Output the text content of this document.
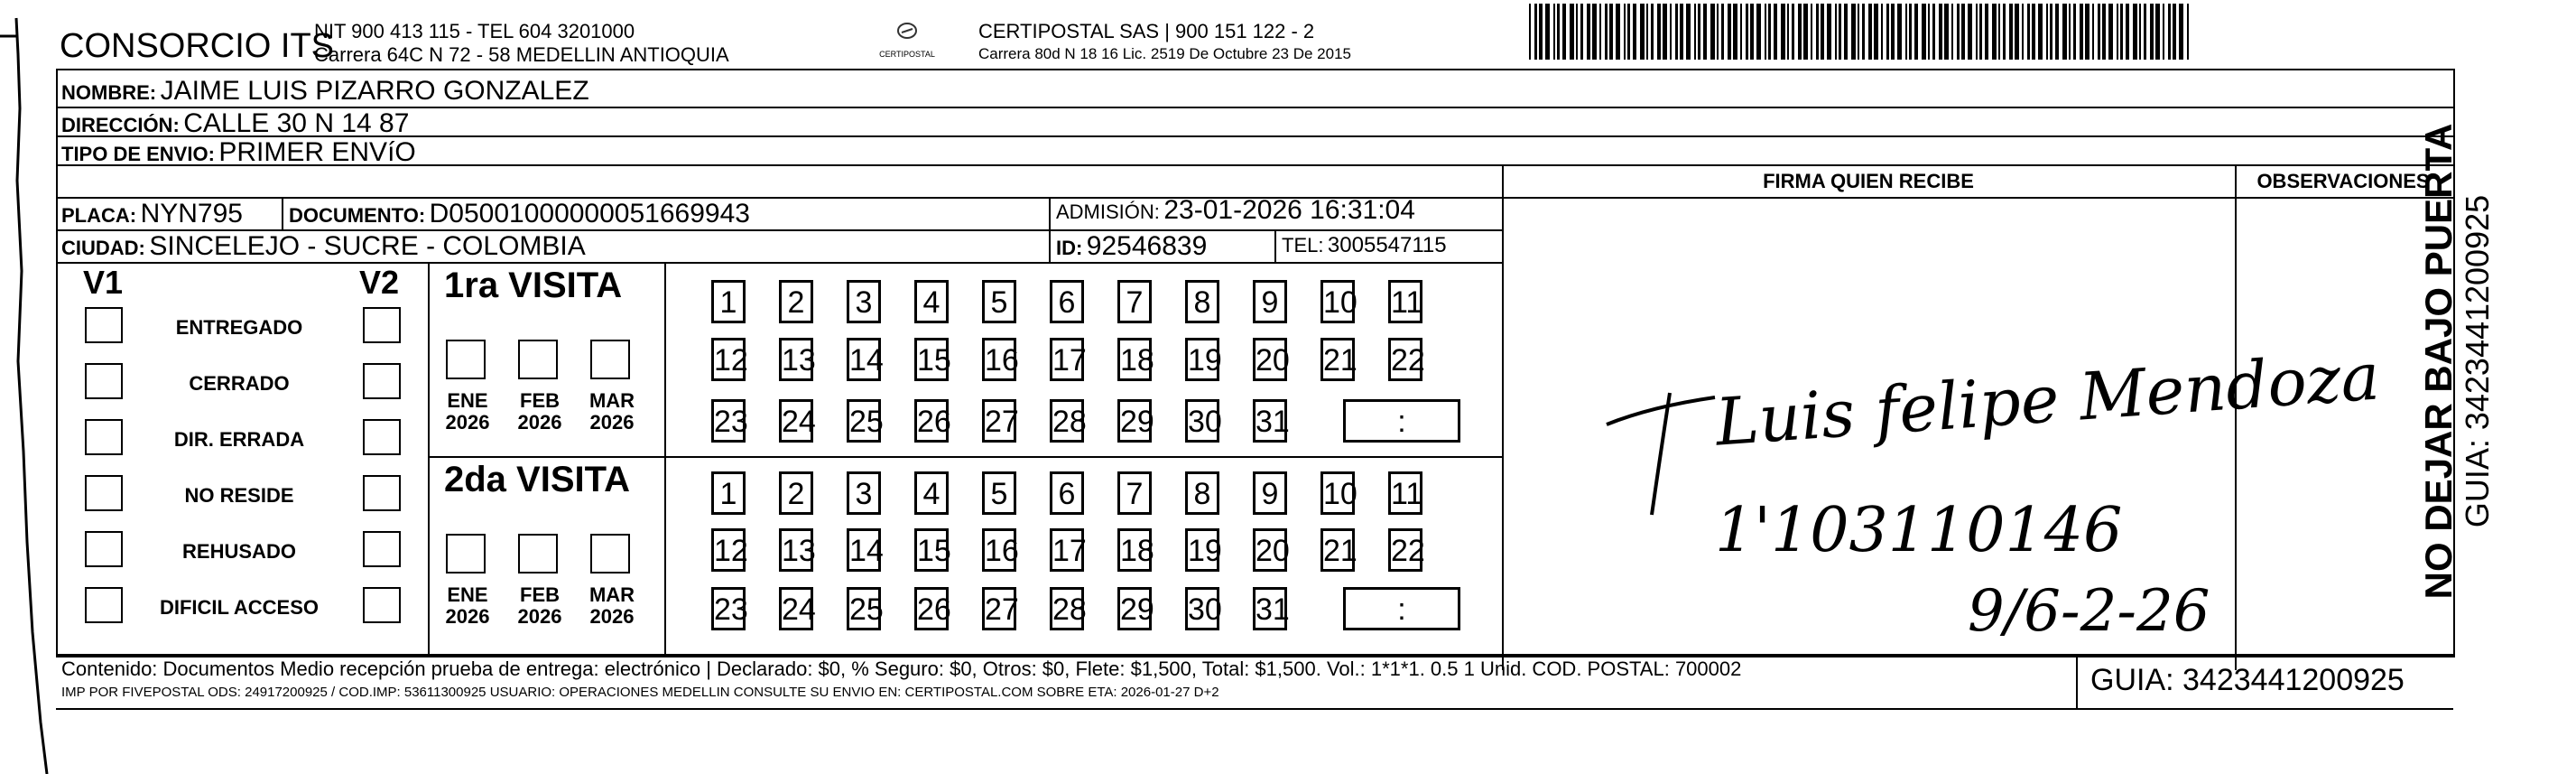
CONSORCIO ITS
NIT 900 413 115 - TEL 604 3201000
Carrera 64C N 72 - 58 MEDELLIN ANTIOQUIA	CERTIPOSTAL
CERTIPOSTAL SAS | 900 151 122 - 2
Carrera 80d N 18 16 Lic. 2519 De Octubre 23 De 2015
NOMBRE: JAIME LUIS PIZARRO GONZALEZ
DIRECCIÓN: CALLE 30 N 14 87
TIPO DE ENVIO: PRIMER ENVíO
PLACA: NYN795 DOCUMENTO: D05001000000051669943	ADMISIÓN: 23-01-2026 16:31:04
CIUDAD: SINCELEJO - SUCRE - COLOMBIA	ID: 92546839	TEL: 3005547115
FIRMA QUIEN RECIBE	OBSERVACIONES
Luis felipe Mendoza
1'103110146
9/6-2-26
V1	V2
ENTREGADO
CERRADO
DIR. ERRADA
NO RESIDE
REHUSADO
DIFICIL ACCESO
1ra VISITA
ENE
2026
FEB
2026
MAR
2026
2da VISITA
ENE
2026
FEB
2026
MAR
2026
1 2 3 4 5 6 7 8 9 10 11
12 13 14 15 16 17 18 19 20 21 22
23 24 25 26 27 28 29 30 31	:
1 2 3 4 5 6 7 8 9 10 11
12 13 14 15 16 17 18 19 20 21 22
23 24 25 26 27 28 29 30 31	:
Contenido: Documentos Medio recepción prueba de entrega: electrónico | Declarado: $0, % Seguro: $0, Otros: $0, Flete: $1,500, Total: $1,500. Vol.: 1*1*1. 0.5 1 Unid. COD. POSTAL: 700002
IMP POR FIVEPOSTAL ODS: 24917200925 / COD.IMP: 53611300925 USUARIO: OPERACIONES MEDELLIN CONSULTE SU ENVIO EN: CERTIPOSTAL.COM SOBRE ETA: 2026-01-27 D+2	GUIA: 3423441200925
NO DEJAR BAJO PUERTA GUIA: 3423441200925
